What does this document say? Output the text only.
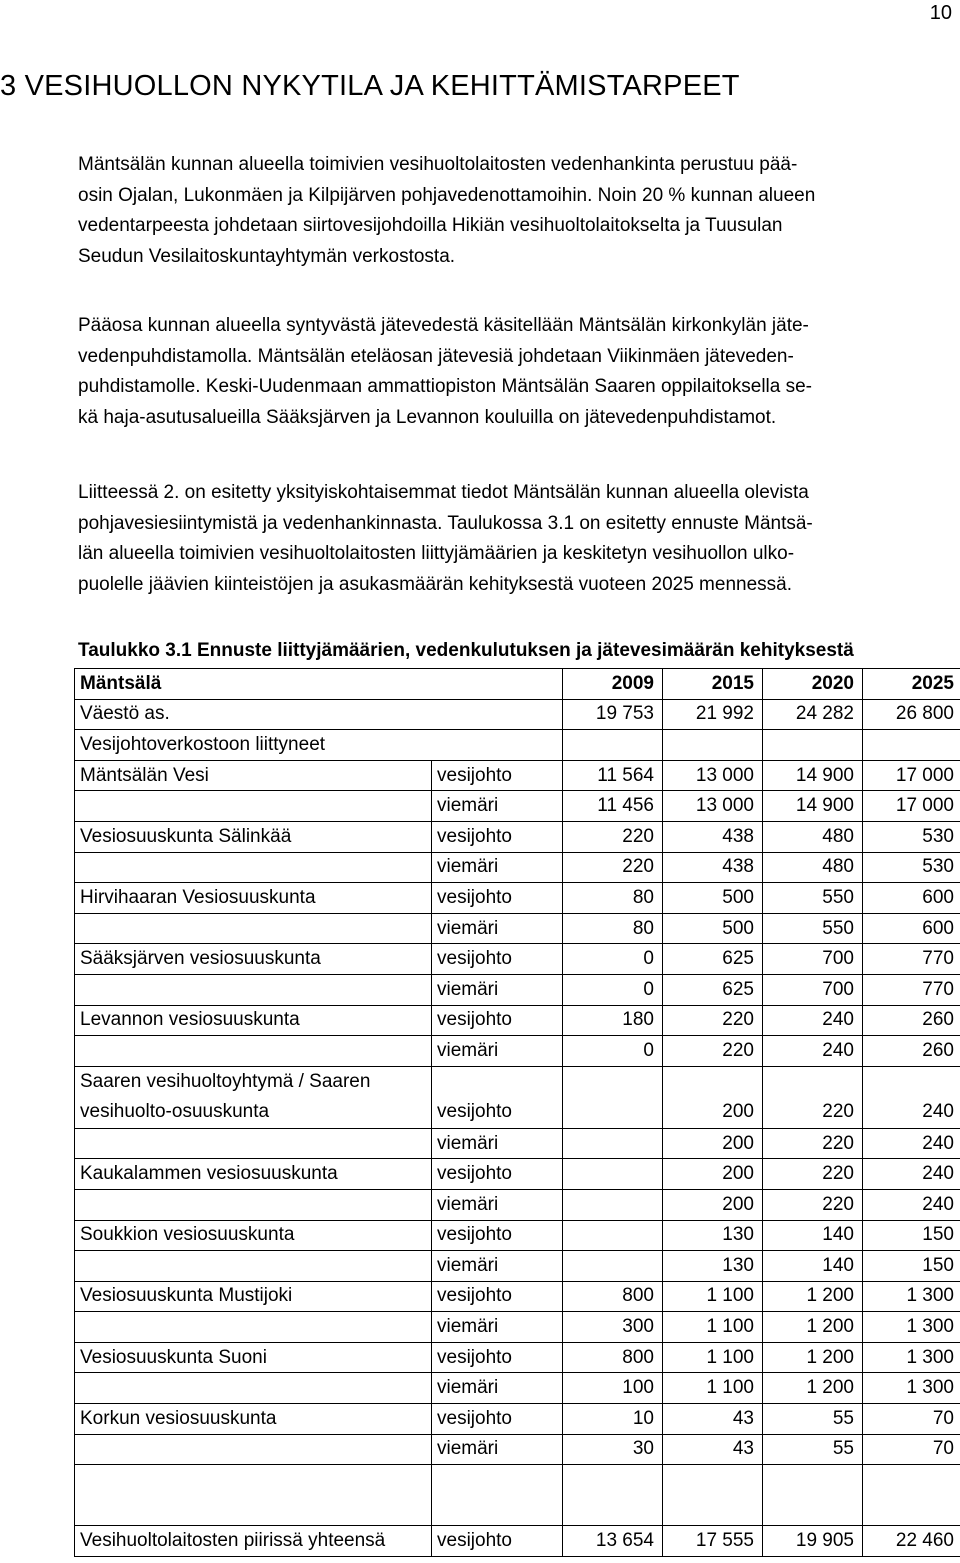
10
3 VESIHUOLLON NYKYTILA JA KEHITTÄMISTARPEET

Mäntsälän kunnan alueella toimivien vesihuoltolaitosten vedenhankinta perustuu pää-
osin Ojalan, Lukonmäen ja Kilpijärven pohjavedenottamoihin. Noin 20 % kunnan alueen
vedentarpeesta johdetaan siirtovesijohdoilla Hikiän vesihuoltolaitokselta ja Tuusulan
Seudun Vesilaitoskuntayhtymän verkostosta.

Pääosa kunnan alueella syntyvästä jätevedestä käsitellään Mäntsälän kirkonkylän jäte-
vedenpuhdistamolla. Mäntsälän eteläosan jätevesiä johdetaan Viikinmäen jäteveden-
puhdistamolle. Keski-Uudenmaan ammattiopiston Mäntsälän Saaren oppilaitoksella se-
kä haja-asutusalueilla Sääksjärven ja Levannon kouluilla on jätevedenpuhdistamot.

Liitteessä 2. on esitetty yksityiskohtaisemmat tiedot Mäntsälän kunnan alueella olevista
pohjavesiesiintymistä ja vedenhankinnasta. Taulukossa 3.1 on esitetty ennuste Mäntsä-
län alueella toimivien vesihuoltolaitosten liittyjämäärien ja keskitetyn vesihuollon ulko-
puolelle jäävien kiinteistöjen ja asukasmäärän kehityksestä vuoteen 2025 mennessä.

Taulukko 3.1 Ennuste liittyjämäärien, vedenkulutuksen ja jätevesimäärän kehityksestä

Mäntsälä		2009	2015	2020	2025
Väestö as.		19 753	21 992	24 282	26 800
Vesijohtoverkostoon liittyneet					
Mäntsälän Vesi	vesijohto	11 564	13 000	14 900	17 000
	viemäri	11 456	13 000	14 900	17 000
Vesiosuuskunta Sälinkää	vesijohto	220	438	480	530
	viemäri	220	438	480	530
Hirvihaaran Vesiosuuskunta	vesijohto	80	500	550	600
	viemäri	80	500	550	600
Sääksjärven vesiosuuskunta	vesijohto	0	625	700	770
	viemäri	0	625	700	770
Levannon vesiosuuskunta	vesijohto	180	220	240	260
	viemäri	0	220	240	260

Saaren vesihuoltoyhtymä / Saaren
vesihuolto-osuuskunta	vesijohto		200	220	240
	viemäri		200	220	240
Kaukalammen vesiosuuskunta	vesijohto		200	220	240
	viemäri		200	220	240
Soukkion vesiosuuskunta	vesijohto		130	140	150
	viemäri		130	140	150
Vesiosuuskunta Mustijoki	vesijohto	800	1 100	1 200	1 300
	viemäri	300	1 100	1 200	1 300
Vesiosuuskunta Suoni	vesijohto	800	1 100	1 200	1 300
	viemäri	100	1 100	1 200	1 300
Korkun vesiosuuskunta	vesijohto	10	43	55	70
	viemäri	30	43	55	70

Vesihuoltolaitosten piirissä yhteensä	vesijohto	13 654	17 555	19 905	22 460
